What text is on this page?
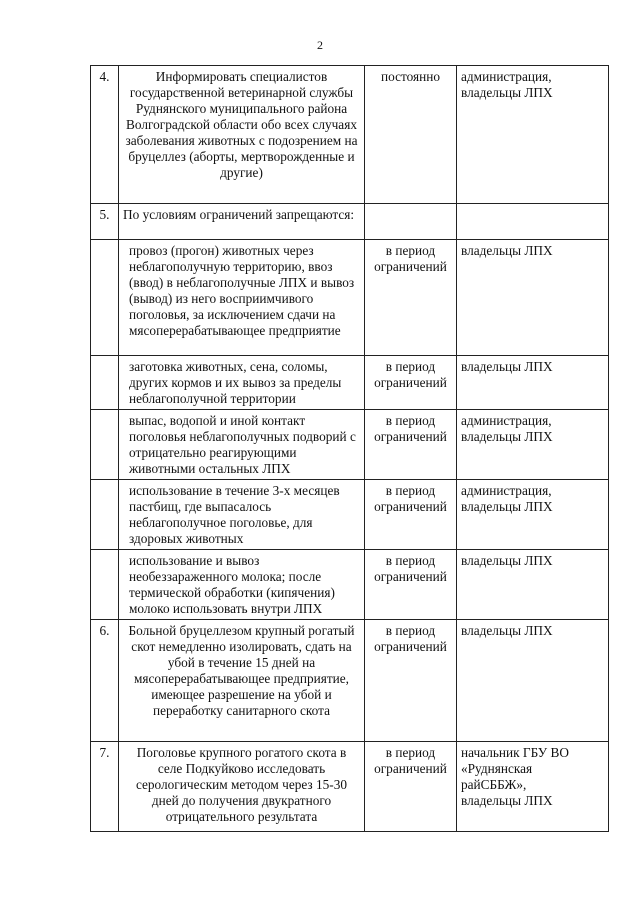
2
4.	Информировать специалистов государственной ветеринарной службы Руднянского муниципального района Волгоградской области обо всех случаях заболевания животных с подозрением на бруцеллез (аборты, мертворожденные и другие)	постоянно	администрация,
владельцы ЛПХ

5.	По условиям ограничений запрещаются:		
	провоз (прогон) животных через неблагополучную территорию, ввоз (ввод) в неблагополучные ЛПХ и вывоз (вывод) из него восприимчивого поголовья, за исключением сдачи на мясоперерабатывающее предприятие	в период ограничений	владельцы ЛПХ

	заготовка животных, сена, соломы, других кормов и их вывоз за пределы неблагополучной территории	в период ограничений	владельцы ЛПХ

	выпас, водопой и иной контакт поголовья неблагополучных подворий с отрицательно реагирующими животными остальных ЛПХ	в период ограничений	администрация,
владельцы ЛПХ

	использование в течение 3-х месяцев пастбищ, где выпасалось неблагополучное поголовье, для здоровых животных	в период ограничений	администрация,
владельцы ЛПХ

	использование и вывоз необеззараженного молока; после термической обработки (кипячения) молоко использовать внутри ЛПХ	в период ограничений	владельцы ЛПХ

6.	Больной бруцеллезом крупный рогатый скот немедленно изолировать, сдать на убой в течение 15 дней на мясоперерабатывающее предприятие, имеющее разрешение на убой и переработку санитарного скота	в период ограничений	владельцы ЛПХ

7.	Поголовье крупного рогатого скота в селе Подкуйково исследовать серологическим методом через 15-30 дней до получения двукратного отрицательного результата	в период ограничений	начальник ГБУ ВО
«Руднянская
райСББЖ»,
владельцы ЛПХ
